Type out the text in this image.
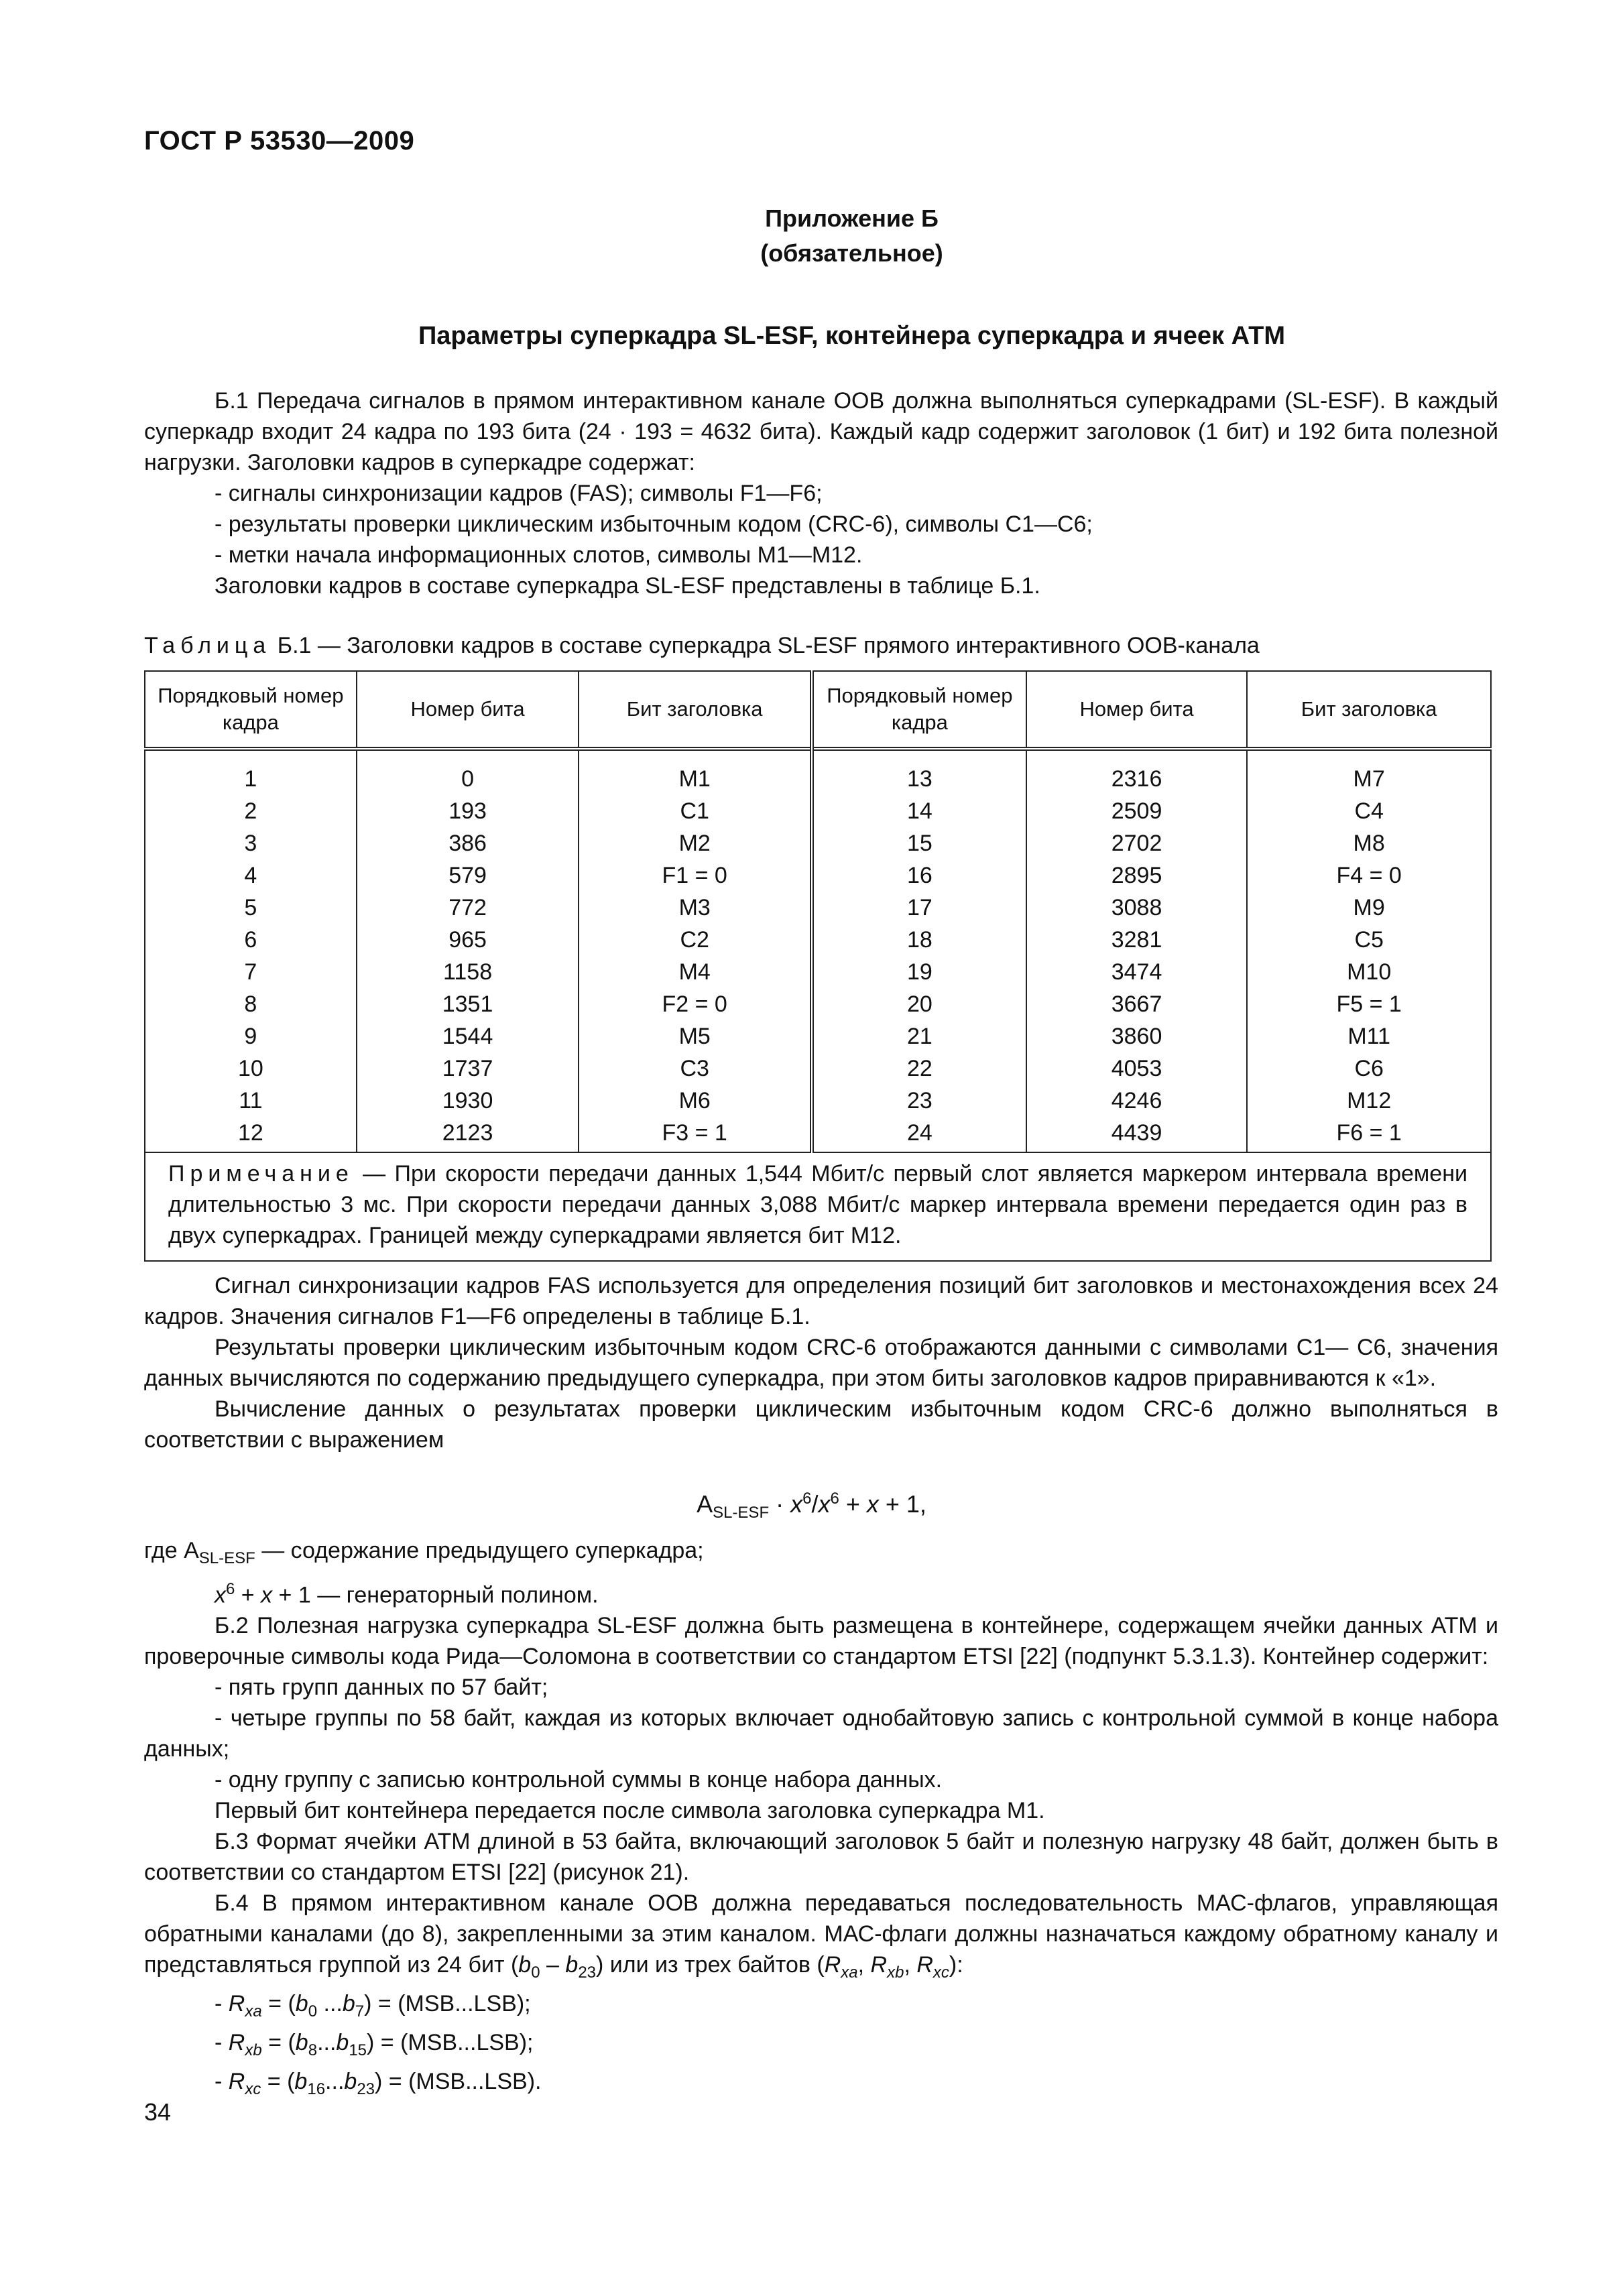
ГОСТ Р 53530—2009
Приложение Б
(обязательное)
Параметры суперкадра SL-ESF, контейнера суперкадра и ячеек АТМ

Б.1 Передача сигналов в прямом интерактивном канале ООВ должна выполняться суперкадрами (SL-ESF). В каждый суперкадр входит 24 кадра по 193 бита (24 · 193 = 4632 бита). Каждый кадр содержит заголовок (1 бит) и 192 бита полезной нагрузки. Заголовки кадров в суперкадре содержат:

- сигналы синхронизации кадров (FAS); символы F1—F6;

- результаты проверки циклическим избыточным кодом (CRC-6), символы C1—C6;

- метки начала информационных слотов, символы М1—М12.

Заголовки кадров в составе суперкадра SL-ESF представлены в таблице Б.1.

Таблица Б.1 — Заголовки кадров в составе суперкадра SL-ESF прямого интерактивного ООВ-канала
Порядковый номер кадра	Номер бита	Бит заголовка	Порядковый номер кадра	Номер бита	Бит заголовка

1	0	M1	13	2316	M7
2	193	C1	14	2509	C4
3	386	M2	15	2702	M8
4	579	F1 = 0	16	2895	F4 = 0
5	772	M3	17	3088	M9
6	965	C2	18	3281	C5
7	1158	M4	19	3474	M10
8	1351	F2 = 0	20	3667	F5 = 1
9	1544	M5	21	3860	M11
10	1737	C3	22	4053	C6
11	1930	M6	23	4246	M12
12	2123	F3 = 1	24	4439	F6 = 1
Примечание — При скорости передачи данных 1,544 Мбит/с первый слот является маркером интервала времени длительностью 3 мс. При скорости передачи данных 3,088 Мбит/с маркер интервала времени передается один раз в двух суперкадрах. Границей между суперкадрами является бит М12.					

Сигнал синхронизации кадров FAS используется для определения позиций бит заголовков и местонахождения всех 24 кадров. Значения сигналов F1—F6 определены в таблице Б.1.

Результаты проверки циклическим избыточным кодом CRC-6 отображаются данными с символами C1— C6, значения данных вычисляются по содержанию предыдущего суперкадра, при этом биты заголовков кадров приравниваются к «1».

Вычисление данных о результатах проверки циклическим избыточным кодом CRC-6 должно выполняться в соответствии с выражением

$A_{SL-ESF} \cdot x^6/x^6 + x + 1$,

где $A_{SL-ESF}$ — содержание предыдущего суперкадра;

$x^6 + x + 1$ — генераторный полином.

Б.2 Полезная нагрузка суперкадра SL-ESF должна быть размещена в контейнере, содержащем ячейки данных АТМ и проверочные символы кода Рида—Соломона в соответствии со стандартом ETSI [22] (подпункт 5.3.1.3). Контейнер содержит:

- пять групп данных по 57 байт;

- четыре группы по 58 байт, каждая из которых включает однобайтовую запись с контрольной суммой в конце набора данных;

- одну группу с записью контрольной суммы в конце набора данных.

Первый бит контейнера передается после символа заголовка суперкадра М1.

Б.3 Формат ячейки АТМ длиной в 53 байта, включающий заголовок 5 байт и полезную нагрузку 48 байт, должен быть в соответствии со стандартом ETSI [22] (рисунок 21).

Б.4 В прямом интерактивном канале ООВ должна передаваться последовательность МАС-флагов, управляющая обратными каналами (до 8), закрепленными за этим каналом. МАС-флаги должны назначаться каждому обратному каналу и представляться группой из 24 бит $(b_0 - b_{23})$ или из трех байтов ($R_{xa}$, $R_{xb}$, $R_{xc}$):

- $R_{xa} = (b_0$ $...b_7) = (MSB...LSB)$;

- $R_{xb} = (b_8...b_{15}) = (MSB...LSB)$;

- $R_{xc} = (b_{16}...b_{23}) = (MSB...LSB)$.

34
